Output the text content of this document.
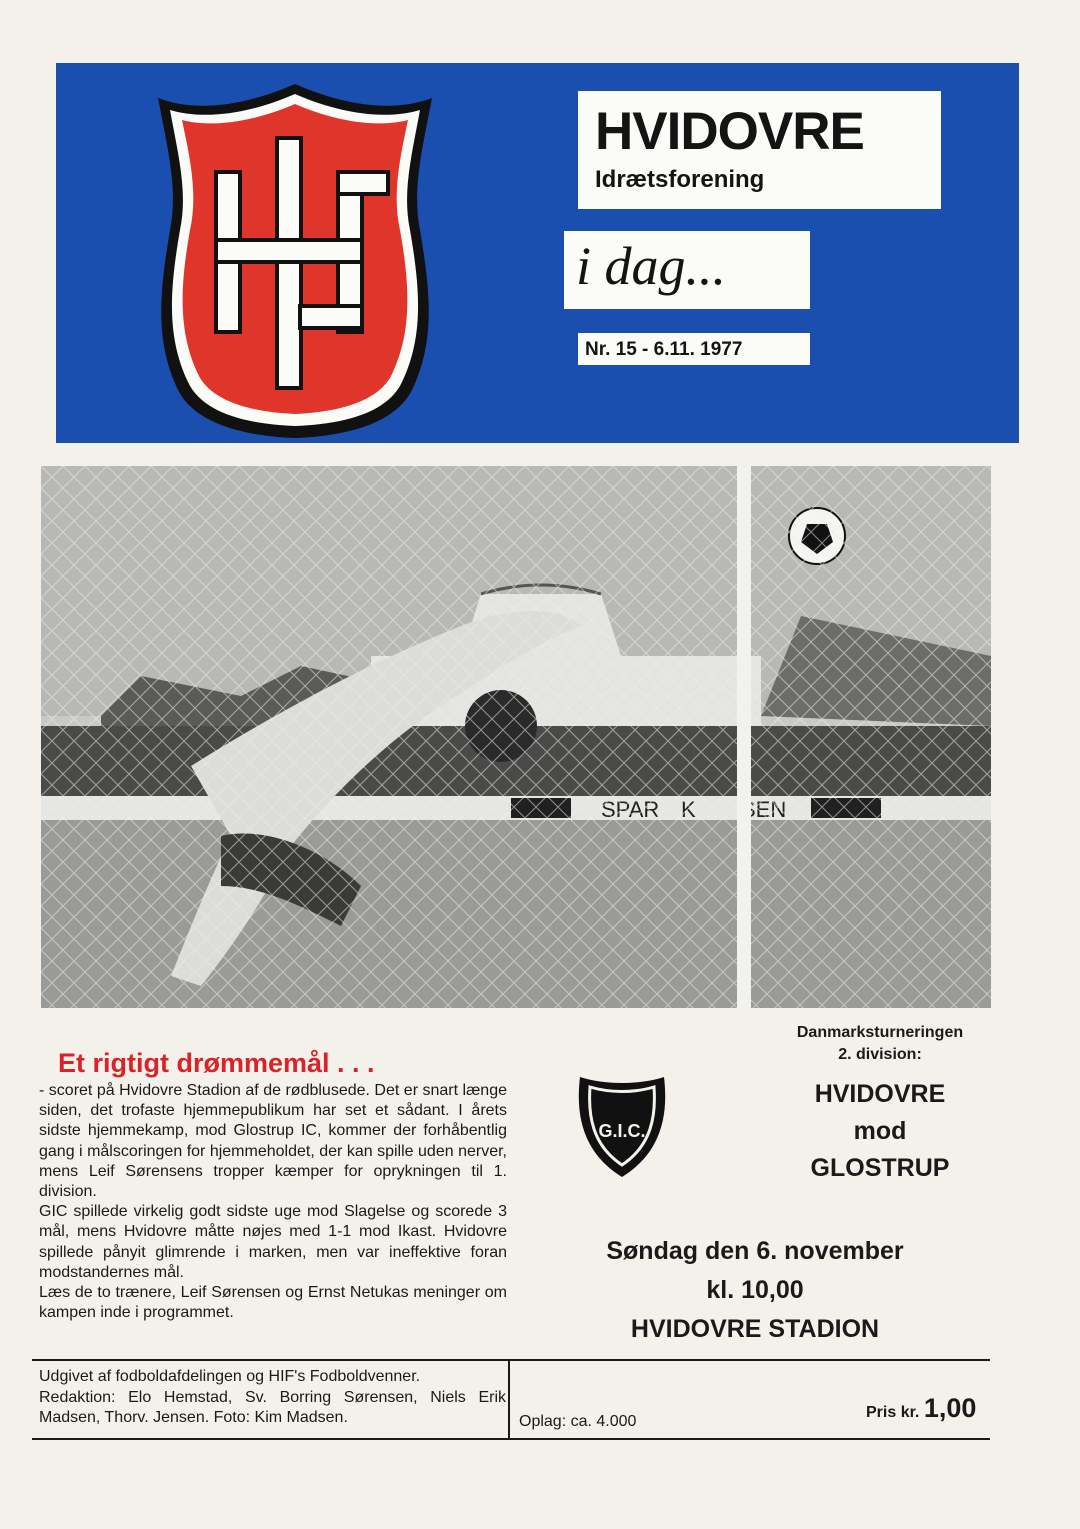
HVIDOVRE
Idrætsforening
i dag...
Nr. 15 - 6.11. 1977
Danmarksturneringen
2. division:
Et rigtigt drømmemål . . .

- scoret på Hvidovre Stadion af de rødblusede. Det er snart længe siden, det trofaste hjemmepublikum har set et sådant. I årets sidste hjemmekamp, mod Glostrup IC, kommer der forhåbentlig gang i målscoringen for hjemmeholdet, der kan spille uden nerver, mens Leif Sørensens tropper kæmper for oprykningen til 1. division.

GIC spillede virkelig godt sidste uge mod Slagelse og scorede 3 mål, mens Hvidovre måtte nøjes med 1-1 mod Ikast. Hvidovre spillede pånyit glimrende i marken, men var ineffektive foran modstandernes mål.

Læs de to trænere, Leif Sørensen og Ernst Netukas meninger om kampen inde i programmet.

G.I.C.
HVIDOVRE
mod
GLOSTRUP
Søndag den 6. november
kl. 10,00
HVIDOVRE STADION

Udgivet af fodboldafdelingen og HIF's Fodboldvenner.

Redaktion: Elo Hemstad, Sv. Borring Sørensen, Niels Erik Madsen, Thorv. Jensen. Foto: Kim Madsen.	Oplag: ca. 4.000
Pris kr. 1,00
